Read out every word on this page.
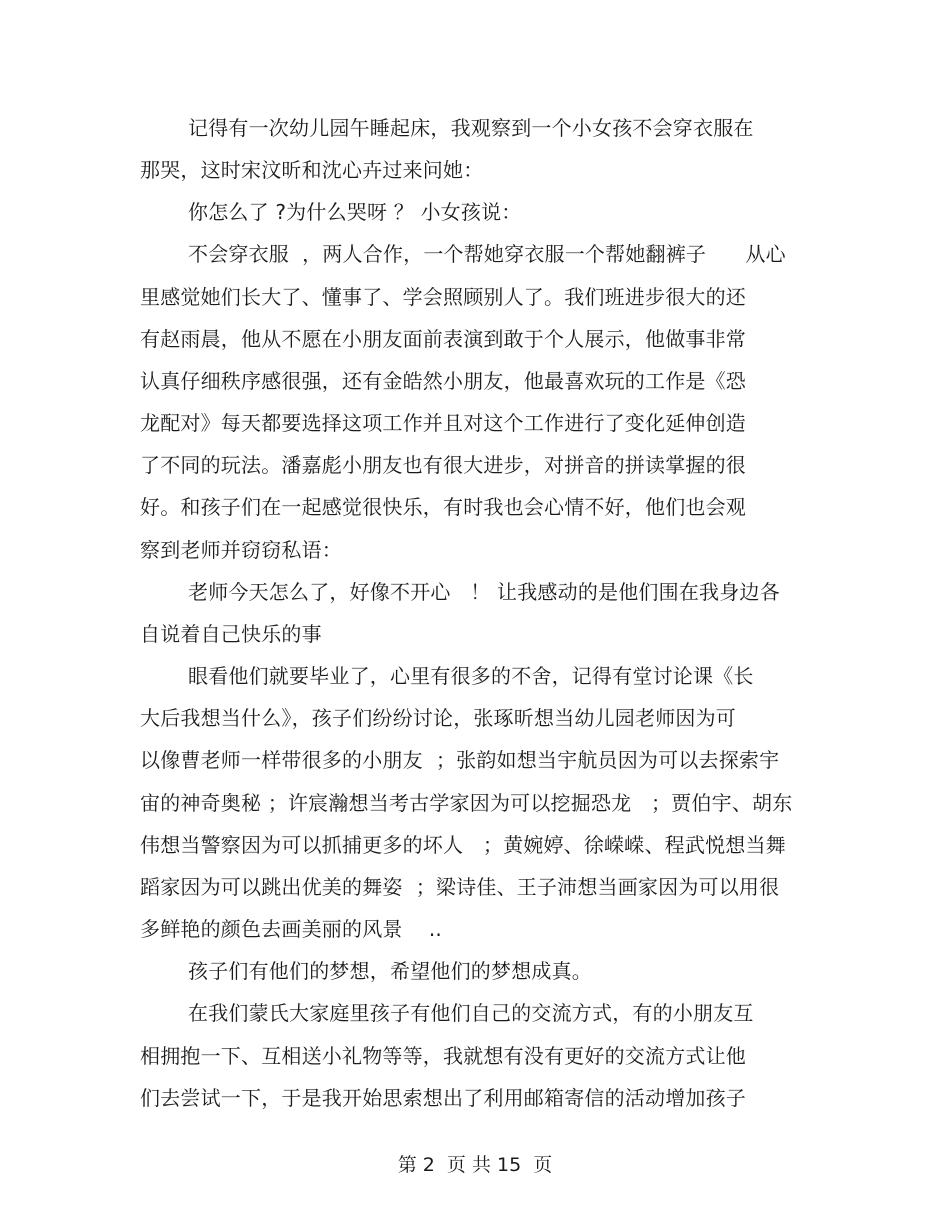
记得有一次幼儿园午睡起床，我观察到一个小女孩不会穿衣服在
那哭，这时宋汶昕和沈心卉过来问她：
你怎么了 ?为什么哭呀 ？ 小女孩说：
不会穿衣服  ，两人合作，一个帮她穿衣服一个帮她翻裤子      从心
里感觉她们长大了、懂事了、学会照顾别人了。我们班进步很大的还
有赵雨晨，他从不愿在小朋友面前表演到敢于个人展示，他做事非常
认真仔细秩序感很强，还有金皓然小朋友，他最喜欢玩的工作是《恐
龙配对》每天都要选择这项工作并且对这个工作进行了变化延伸创造
了不同的玩法。潘嘉彪小朋友也有很大进步，对拼音的拼读掌握的很
好。和孩子们在一起感觉很快乐，有时我也会心情不好，他们也会观
察到老师并窃窃私语：
老师今天怎么了，好像不开心   ！ 让我感动的是他们围在我身边各
自说着自己快乐的事
眼看他们就要毕业了，心里有很多的不舍，记得有堂讨论课《长
大后我想当什么》，孩子们纷纷讨论，张琢昕想当幼儿园老师因为可
以像曹老师一样带很多的小朋友  ；张韵如想当宇航员因为可以去探索宇
宙的神奇奥秘 ；许宸瀚想当考古学家因为可以挖掘恐龙   ；贾伯宇、胡东
伟想当警察因为可以抓捕更多的坏人   ；黄婉婷、徐嵘嵘、程武悦想当舞
蹈家因为可以跳出优美的舞姿  ；梁诗佳、王子沛想当画家因为可以用很
多鲜艳的颜色去画美丽的风景    ..
孩子们有他们的梦想，希望他们的梦想成真。
在我们蒙氏大家庭里孩子有他们自己的交流方式，有的小朋友互
相拥抱一下、互相送小礼物等等，我就想有没有更好的交流方式让他
们去尝试一下，于是我开始思索想出了利用邮箱寄信的活动增加孩子
第 2  页 共 15  页
